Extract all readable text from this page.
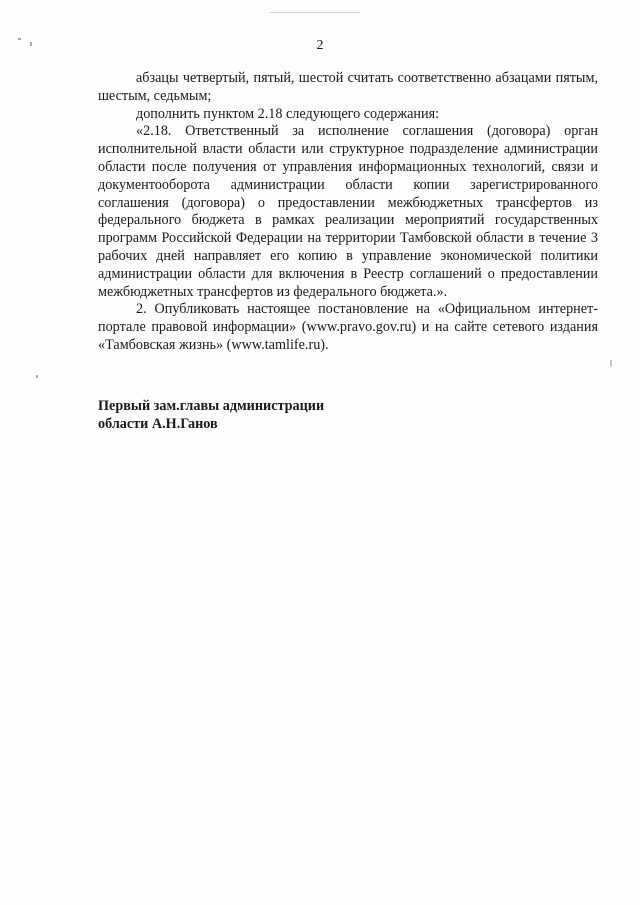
2

абзацы четвертый, пятый, шестой считать соответственно абзацами пятым, шестым, седьмым;

дополнить пунктом 2.18 следующего содержания:

«2.18. Ответственный за исполнение соглашения (договора) орган исполнительной власти области или структурное подразделение администрации области после получения от управления информационных технологий, связи и документооборота администрации области копии зарегистрированного соглашения (договора) о предоставлении межбюджетных трансфертов из федерального бюджета в рамках реализации мероприятий государственных программ Российской Федерации на территории Тамбовской области в течение 3 рабочих дней направляет его копию в управление экономической политики администрации области для включения в Реестр соглашений о предоставлении межбюджетных трансфертов из федерального бюджета.».

2. Опубликовать настоящее постановление на «Официальном интернет-портале правовой информации» (www.pravo.gov.ru) и на сайте сетевого издания «Тамбовская жизнь» (www.tamlife.ru).

Первый зам.главы администрации
области А.Н.Ганов
